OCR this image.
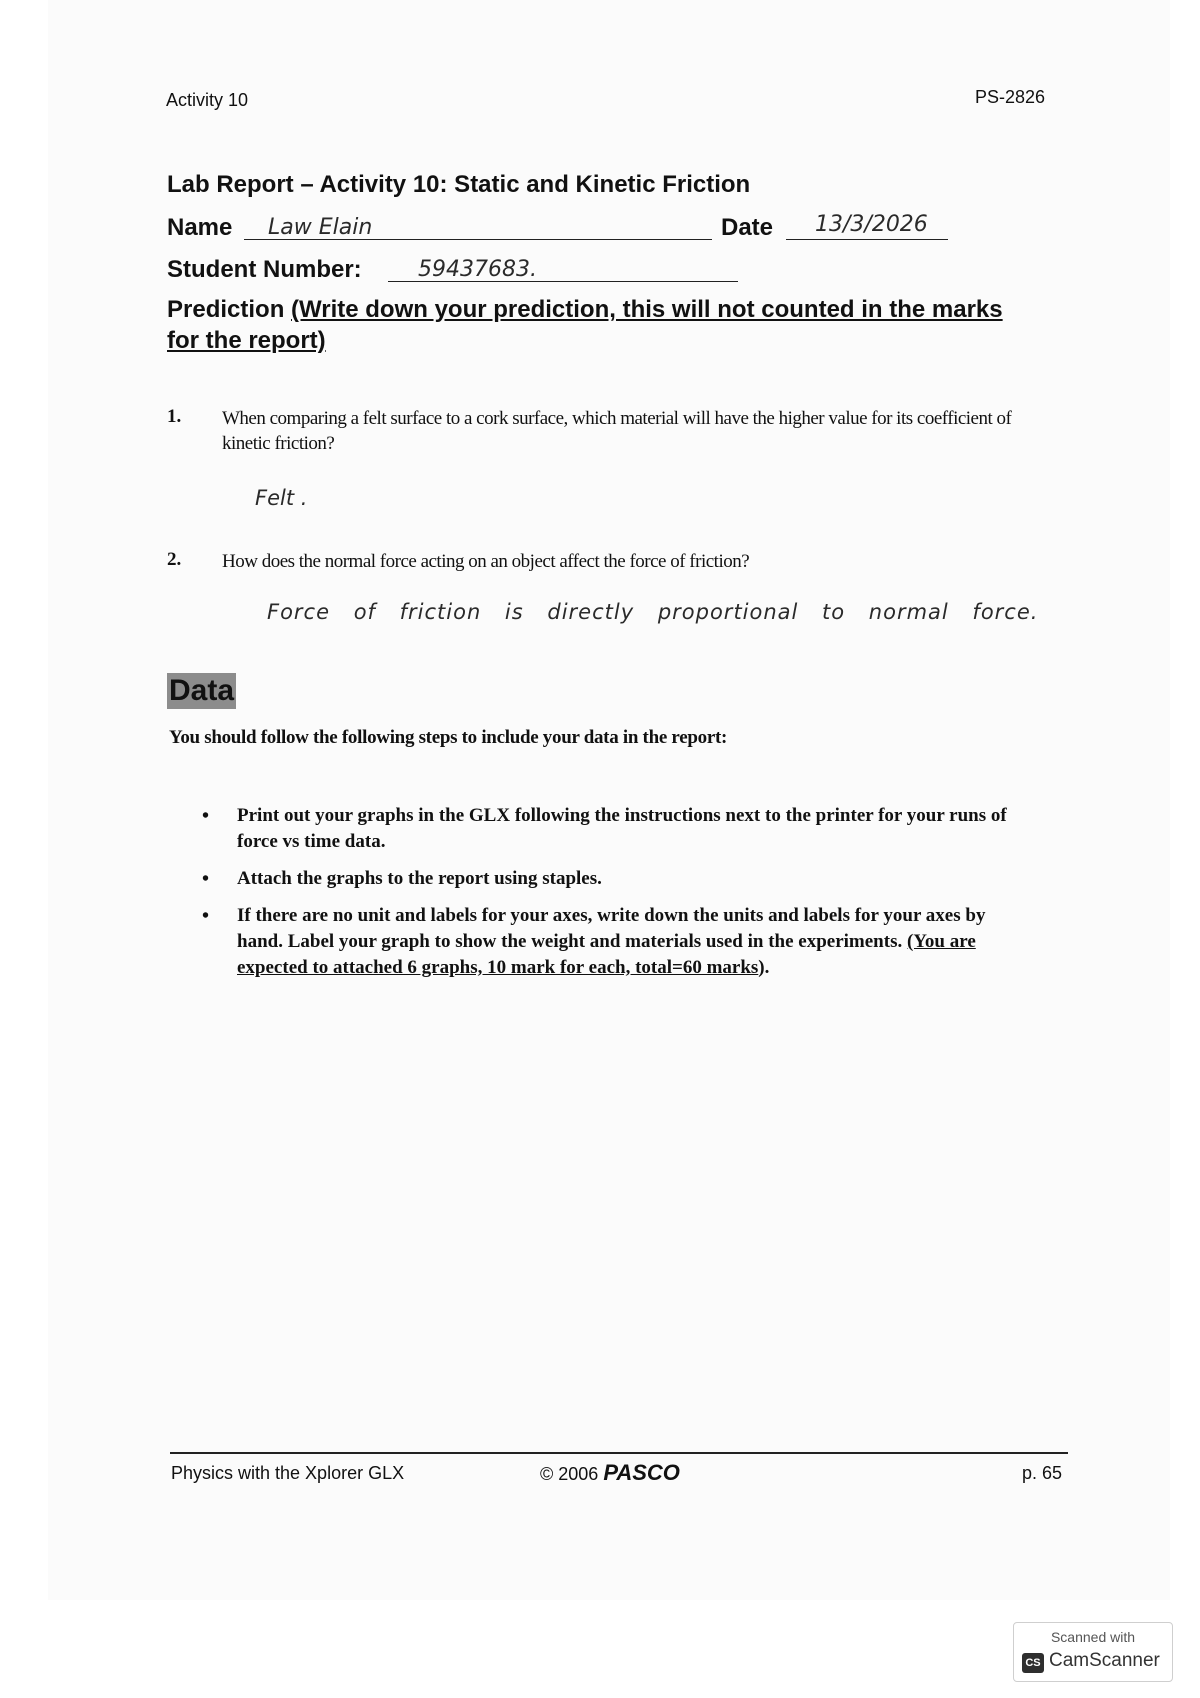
Activity 10	PS-2826
Lab Report – Activity 10: Static and Kinetic Friction
Name Law Elain	Date 13/3/2026
Student Number:	59437683.
Prediction (Write down your prediction, this will not counted in the marks for the report)
1. When comparing a felt surface to a cork surface, which material will have the higher value for its coefficient of kinetic friction?
Felt .
2. How does the normal force acting on an object affect the force of friction?
Force of friction is directly proportional to normal force.
Data
You should follow the following steps to include your data in the report:
• Print out your graphs in the GLX following the instructions next to the printer for your runs of force vs time data.
• Attach the graphs to the report using staples.
• If there are no unit and labels for your axes, write down the units and labels for your axes by hand. Label your graph to show the weight and materials used in the experiments. (You are expected to attached 6 graphs, 10 mark for each, total=60 marks).
Physics with the Xplorer GLX	© 2006 PASCO	p. 65
Scanned with
CS CamScanner
